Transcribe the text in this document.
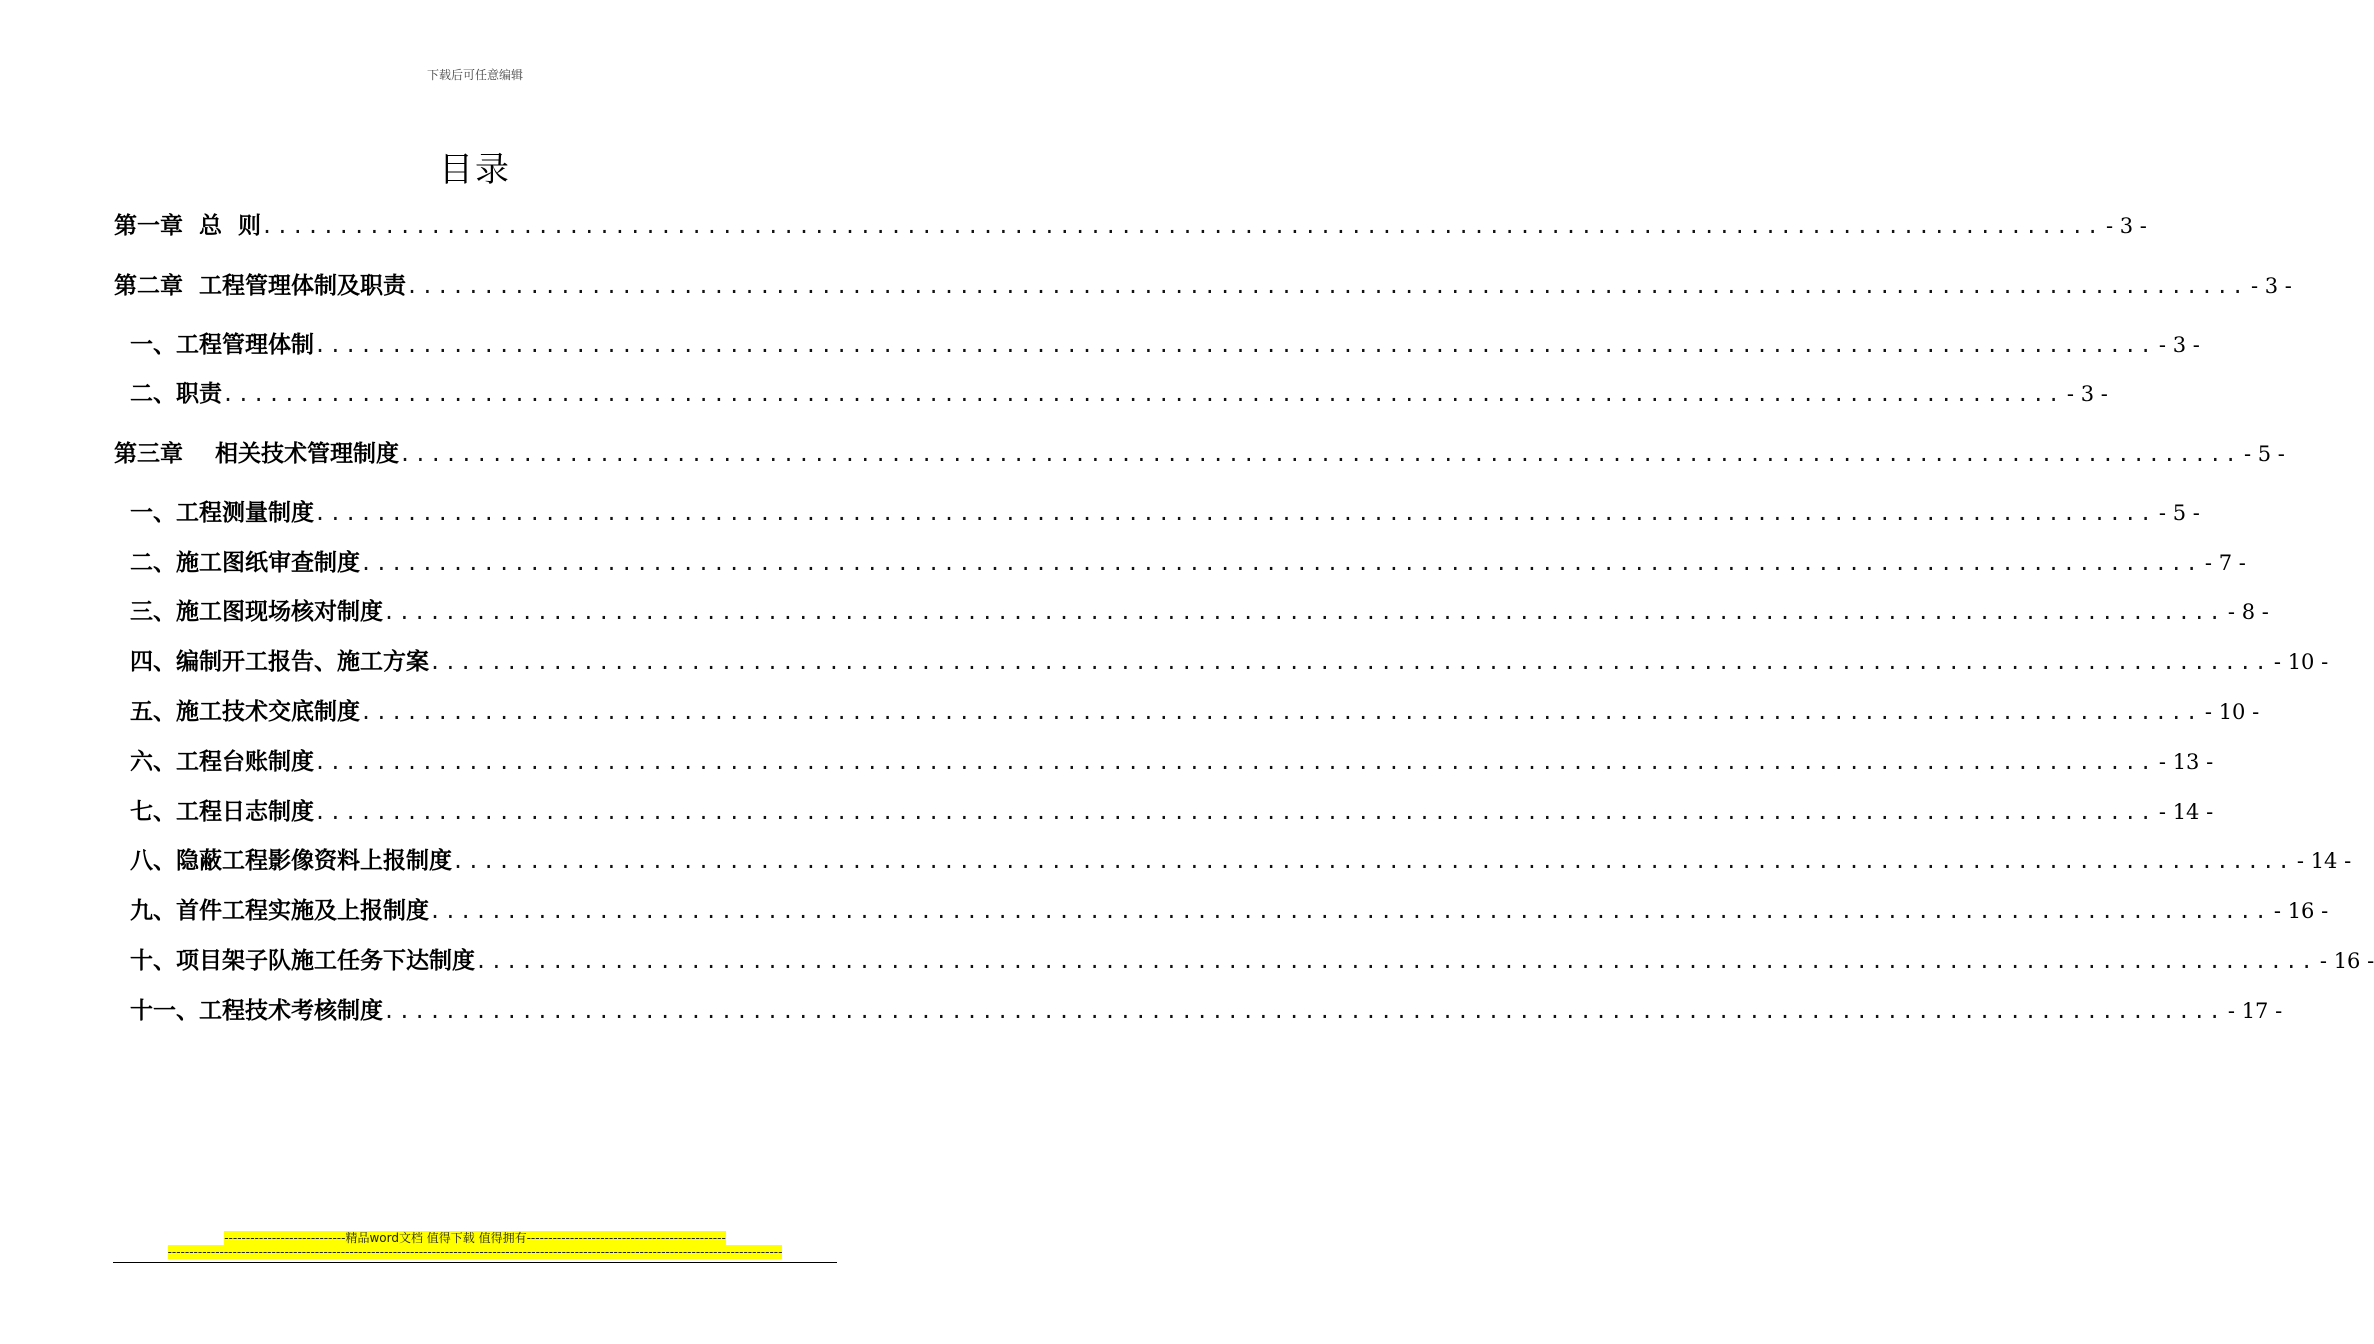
下载后可任意编辑
目录
第一章  总  则 ........................................................................................................................ - 3 -
第二章  工程管理体制及职责 ........................................................................................................................ - 3 -
一、工程管理体制 ........................................................................................................................ - 3 -
二、职责 ........................................................................................................................ - 3 -
第三章    相关技术管理制度 ........................................................................................................................ - 5 -
一、工程测量制度 ........................................................................................................................ - 5 -
二、施工图纸审查制度 ........................................................................................................................ - 7 -
三、施工图现场核对制度 ........................................................................................................................ - 8 -
四、编制开工报告、施工方案 ........................................................................................................................ - 10 -
五、施工技术交底制度 ........................................................................................................................ - 10 -
六、工程台账制度 ........................................................................................................................ - 13 -
七、工程日志制度 ........................................................................................................................ - 14 -
八、隐蔽工程影像资料上报制度 ........................................................................................................................ - 14 -
九、首件工程实施及上报制度 ........................................................................................................................ - 16 -
十、项目架子队施工任务下达制度 ........................................................................................................................ - 16 -
十一、工程技术考核制度 ........................................................................................................................ - 17 -
----------------------------精品word文档 值得下载 值得拥有----------------------------------------------
----------------------------------------------------------------------------------------------------------------------------------------------
